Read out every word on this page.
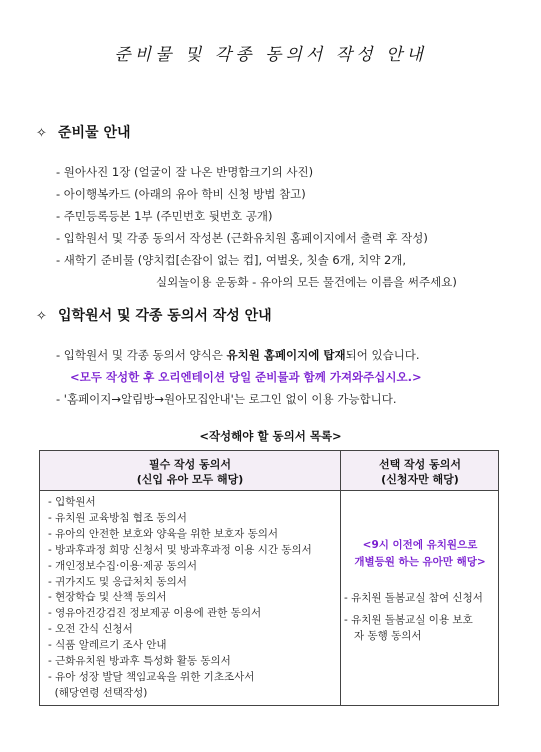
준비물 및 각종 동의서 작성 안내
✧ 준비물 안내
- 원아사진 1장 (얼굴이 잘 나온 반명함크기의 사진)
- 아이행복카드 (아래의 유아 학비 신청 방법 참고)
- 주민등록등본 1부 (주민번호 뒷번호 공개)
- 입학원서 및 각종 동의서 작성본 (근화유치원 홈페이지에서 출력 후 작성)
- 새학기 준비물 (양치컵[손잡이 없는 컵], 여벌옷, 칫솔 6개, 치약 2개,
실외놀이용 운동화 - 유아의 모든 물건에는 이름을 써주세요)
✧ 입학원서 및 각종 동의서 작성 안내
- 입학원서 및 각종 동의서 양식은 유치원 홈페이지에 탑재되어 있습니다.
<모두 작성한 후 오리엔테이션 당일 준비물과 함께 가져와주십시오.>
- '홈페이지→알림방→원아모집안내'는 로그인 없이 이용 가능합니다.
<작성해야 할 동의서 목록>
필수 작성 동의서
(신입 유아 모두 해당)
선택 작성 동의서
(신청자만 해당)
- 입학원서
- 유치원 교육방침 협조 동의서
- 유아의 안전한 보호와 양육을 위한 보호자 동의서
- 방과후과정 희망 신청서 및 방과후과정 이용 시간 동의서
- 개인정보수집·이용·제공 동의서
- 귀가지도 및 응급처치 동의서
- 현장학습 및 산책 동의서
- 영유아건강검진 정보제공 이용에 관한 동의서
- 오전 간식 신청서
- 식품 알레르기 조사 안내
- 근화유치원 방과후 특성화 활동 동의서
- 유아 성장 발달 책임교육을 위한 기초조사서
(해당연령 선택작성)
<9시 이전에 유치원으로
개별등원 하는 유아만 해당>
- 유치원 돌봄교실 참여 신청서
- 유치원 돌봄교실 이용 보호
자 동행 동의서
